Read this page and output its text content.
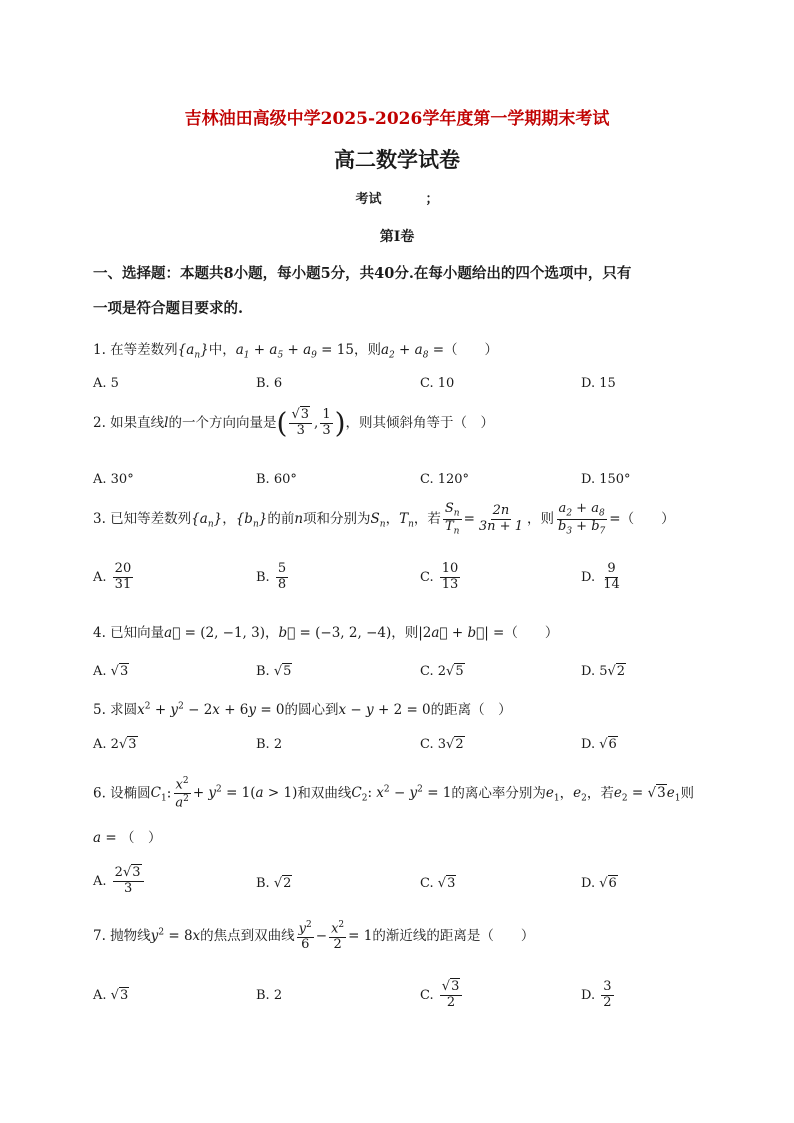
吉林油田高级中学2025-2026学年度第一学期期末考试
高二数学试卷
考试	；
第Ⅰ卷
一、选择题：本题共8小题，每小题5分，共40分.在每小题给出的四个选项中，只有
一项是符合题目要求的.
1. 在等差数列$\{a_n\}$中，$a_1 + a_5 + a_9 = 15$，则$a_2 + a_8$ =（　　）
A. 5	B. 6	C. 10	D. 15
2. 如果直线l的一个方向向量是( $\frac{√3}{3}$ , $\frac{1}{3}$ )，则其倾斜角等于（　）
A. 30°	B. 60°	C. 120°	D. 150°
3. 已知等差数列$\{a_n\}$，$\{b_n\}$的前n项和分别为$S_n$，$T_n$，若 $\frac{S_n}{T_n} = \frac{2n}{3n + 1}$ ，则 $\frac{a_2 + a_8}{b_3 + b_7}$ =（　　）
A. $\frac{20}{31}$	B. $\frac{5}{8}$	C. $\frac{10}{13}$	D. $\frac{9}{14}$
4. 已知向量a⃗ = (2, −1, 3)，b⃗ = (−3, 2, −4)，则|2a⃗ + b⃗| =（　　）
A. √3	B. √5	C. 2√5	D. 5√2
5. 求圆$x^2 + y^2 - 2x + 6y = 0$的圆心到x − y + 2 = 0的距离（　）
A. 2√3	B. 2	C. 3√2	D. √6
6. 设椭圆$C_1$: $\frac{x^2}{a^2} + y^2 = 1(a > 1)$和双曲线$C_2$: $x^2 - y^2 = 1$的离心率分别为$e_1$，$e_2$，若$e_2 = √3e_1$则
a = （　）
A. $\frac{2√3}{3}$	B. √2	C. √3	D. √6
7. 抛物线$y^2 = 8x$的焦点到双曲线 $\frac{y^2}{6} - \frac{x^2}{2} = 1$的渐近线的距离是（　　）
A. √3	B. 2	C. $\frac{√3}{2}$	D. $\frac{3}{2}$
